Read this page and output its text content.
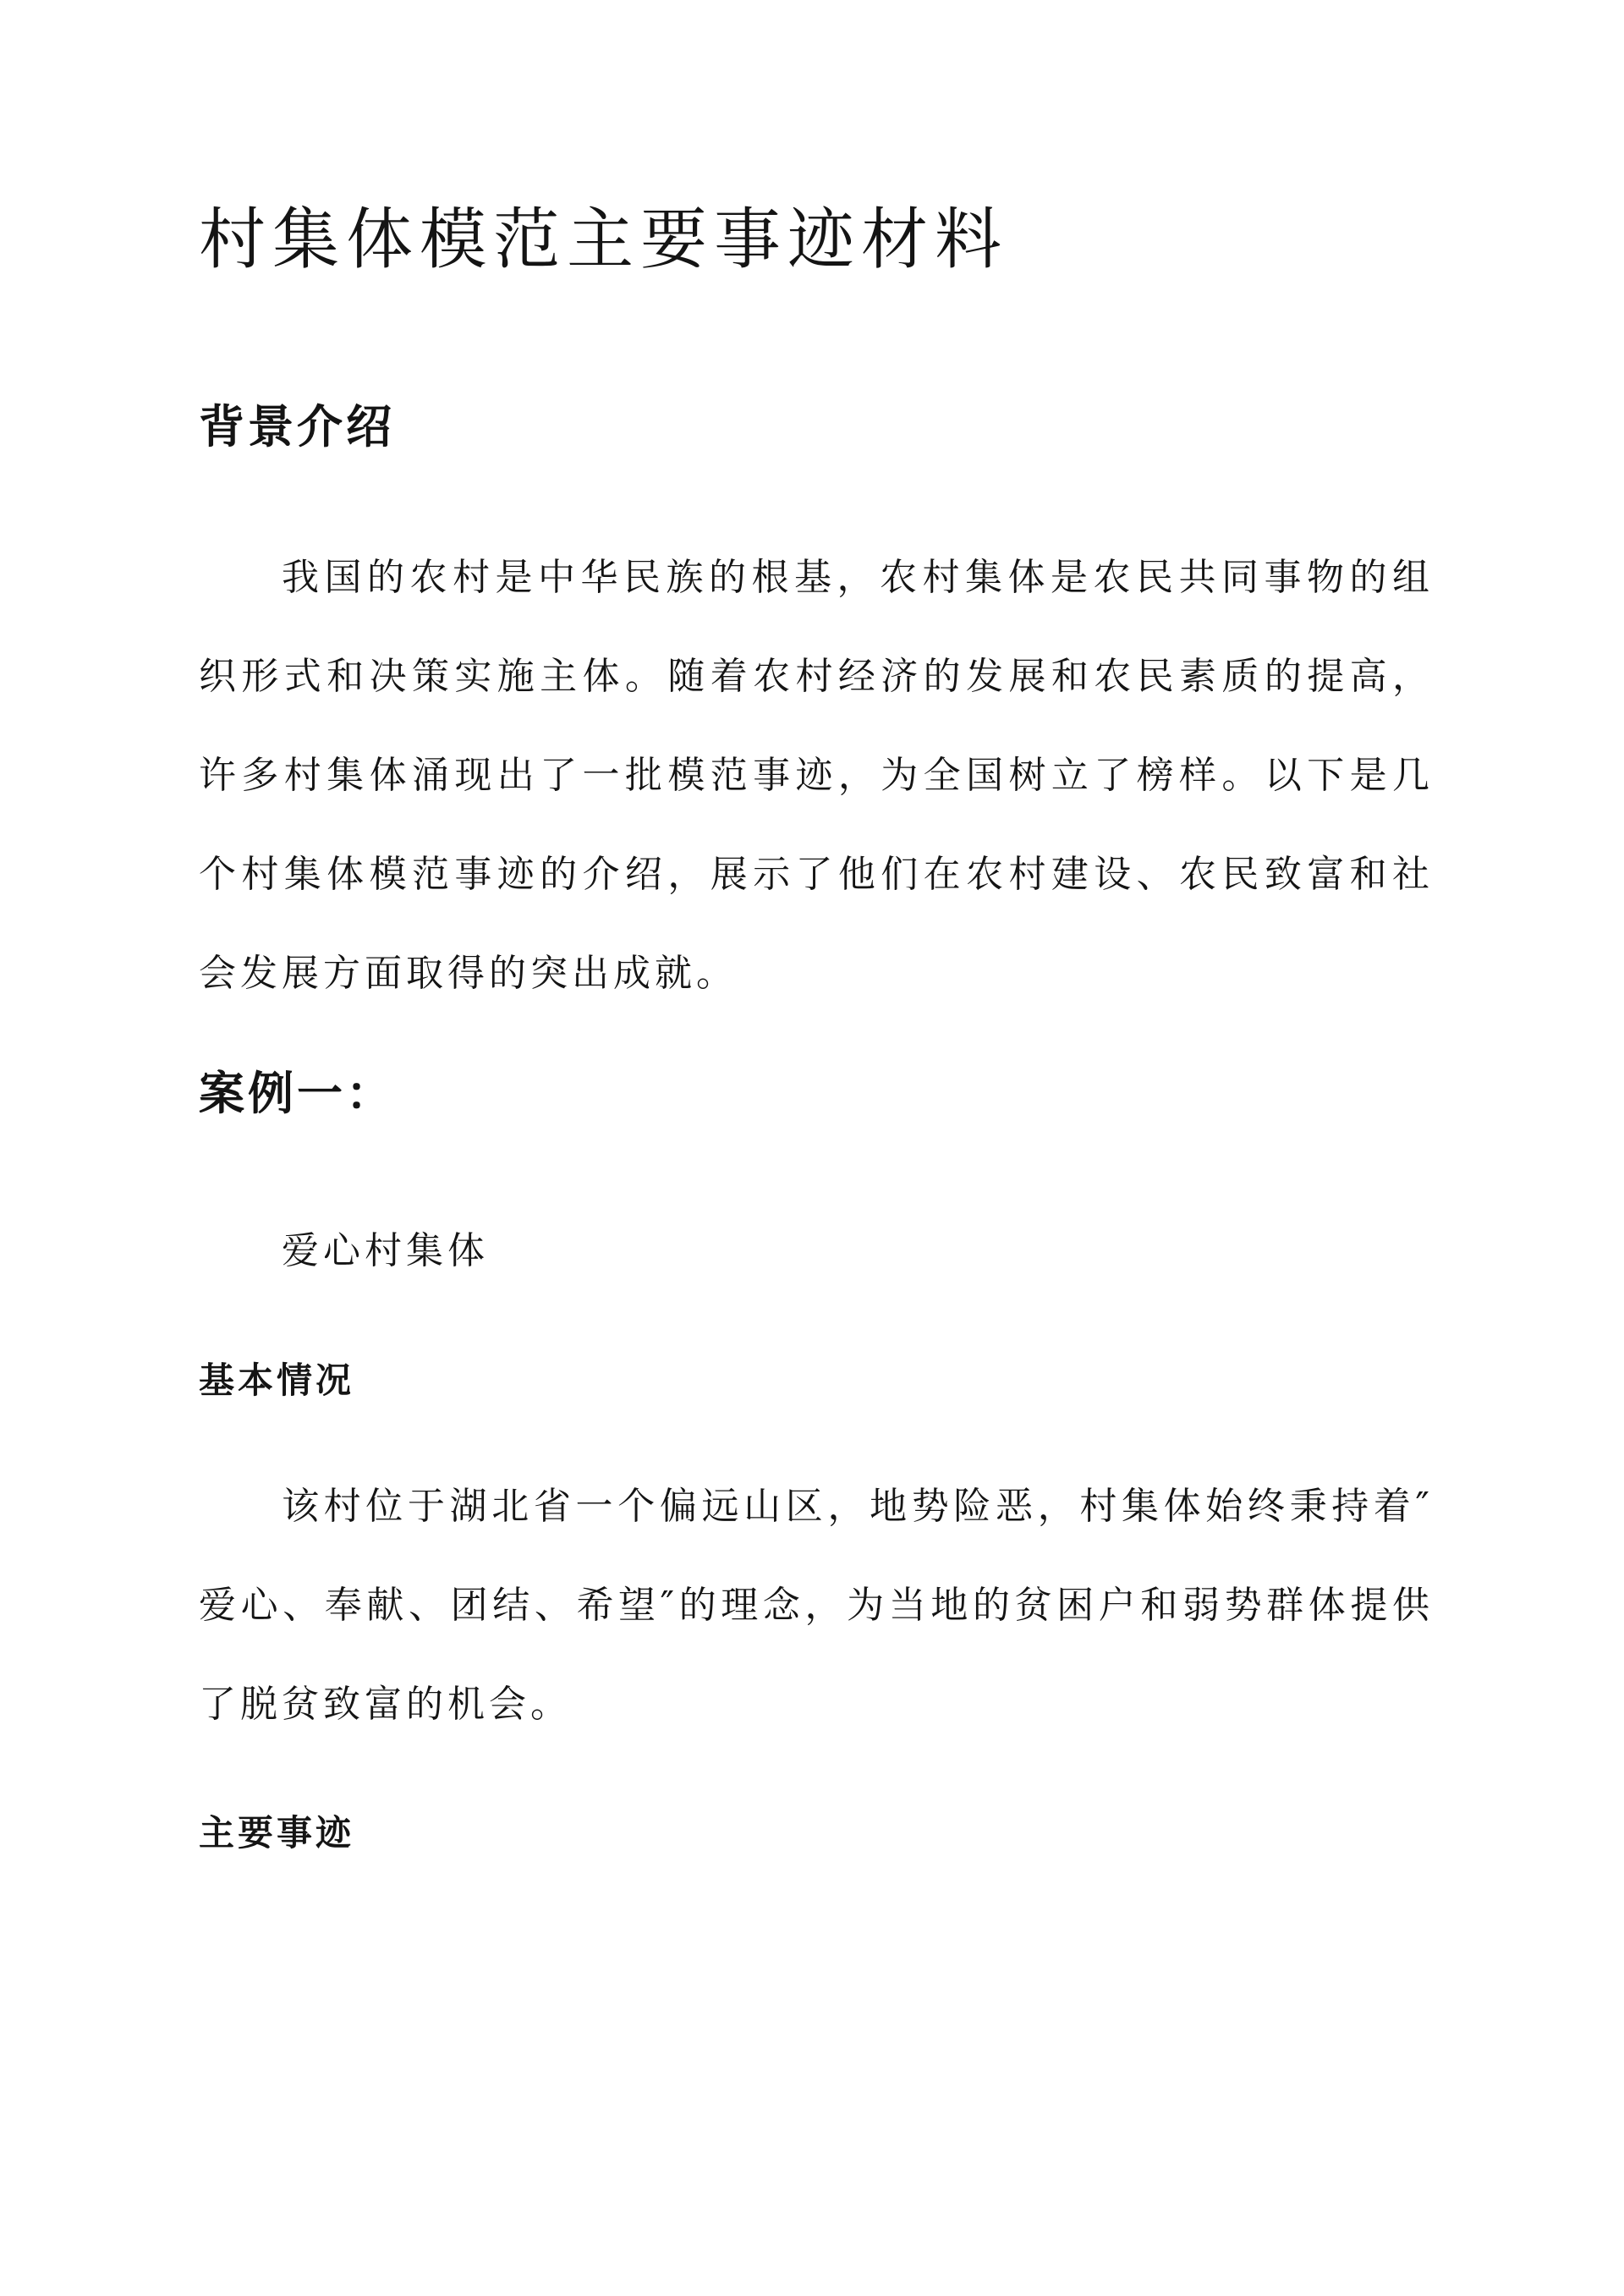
村集体模范主要事迹材料
背景介绍

我国的农村是中华民族的根基，农村集体是农民共同事物的组织形式和决策实施主体。随着农村经济的发展和农民素质的提高，许多村集体涌现出了一批模范事迹，为全国树立了榜样。以下是几个村集体模范事迹的介绍，展示了他们在农村建设、农民致富和社会发展方面取得的突出成就。

案例一：

爱心村集体

基本情况

该村位于湖北省一个偏远山区，地势险恶，村集体始终秉持着″爱心、奉献、团结、希望″的理念，为当地的贫困户和弱势群体提供了脱贫致富的机会。

主要事迹
